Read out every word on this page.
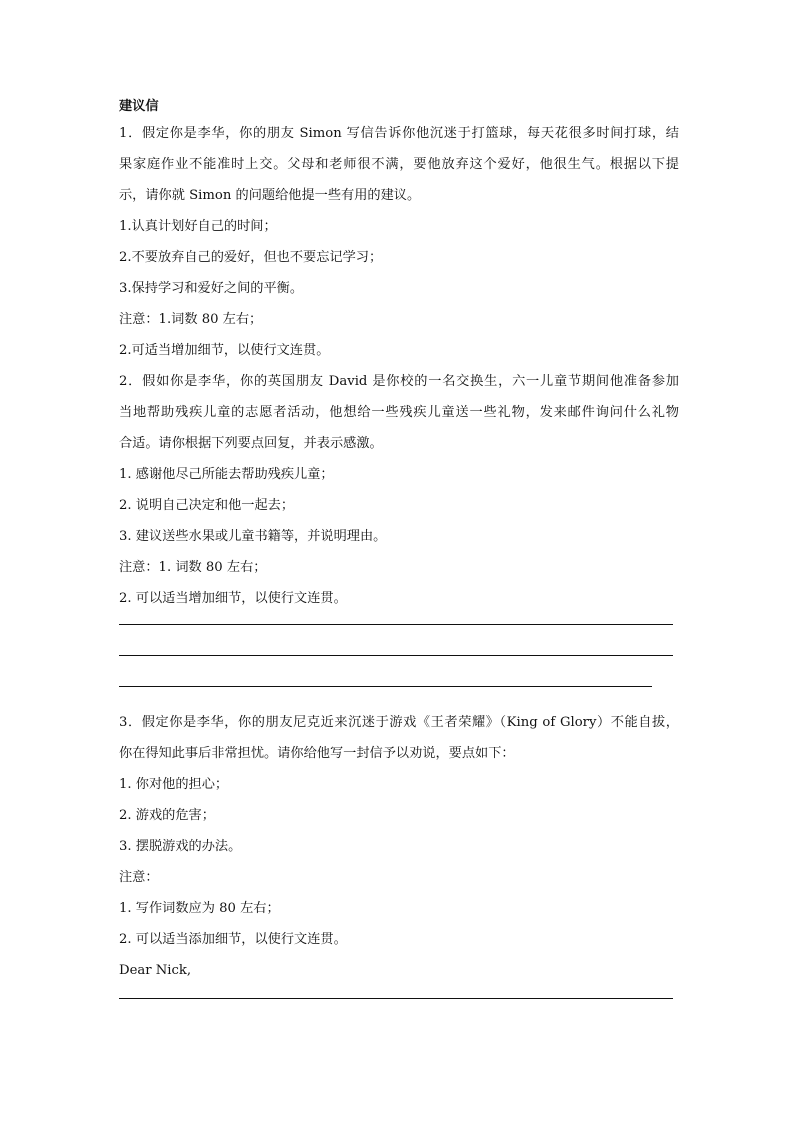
建议信

1．假定你是李华，你的朋友 Simon 写信告诉你他沉迷于打篮球，每天花很多时间打球，结

果家庭作业不能准时上交。父母和老师很不满，要他放弃这个爱好，他很生气。根据以下提

示，请你就 Simon 的问题给他提一些有用的建议。

1.认真计划好自己的时间；

2.不要放弃自己的爱好，但也不要忘记学习；

3.保持学习和爱好之间的平衡。

注意：1.词数 80 左右；

2.可适当增加细节，以使行文连贯。

2．假如你是李华，你的英国朋友 David 是你校的一名交换生，六一儿童节期间他准备参加

当地帮助残疾儿童的志愿者活动，他想给一些残疾儿童送一些礼物，发来邮件询问什么礼物

合适。请你根据下列要点回复，并表示感激。

1. 感谢他尽己所能去帮助残疾儿童；

2. 说明自己决定和他一起去；

3. 建议送些水果或儿童书籍等，并说明理由。

注意：1. 词数 80 左右；

2. 可以适当增加细节，以使行文连贯。

3．假定你是李华，你的朋友尼克近来沉迷于游戏《王者荣耀》（King of Glory）不能自拔，

你在得知此事后非常担忧。请你给他写一封信予以劝说，要点如下：

1. 你对他的担心；

2. 游戏的危害；

3. 摆脱游戏的办法。

注意：

1. 写作词数应为 80 左右；

2. 可以适当添加细节，以使行文连贯。

Dear Nick,
